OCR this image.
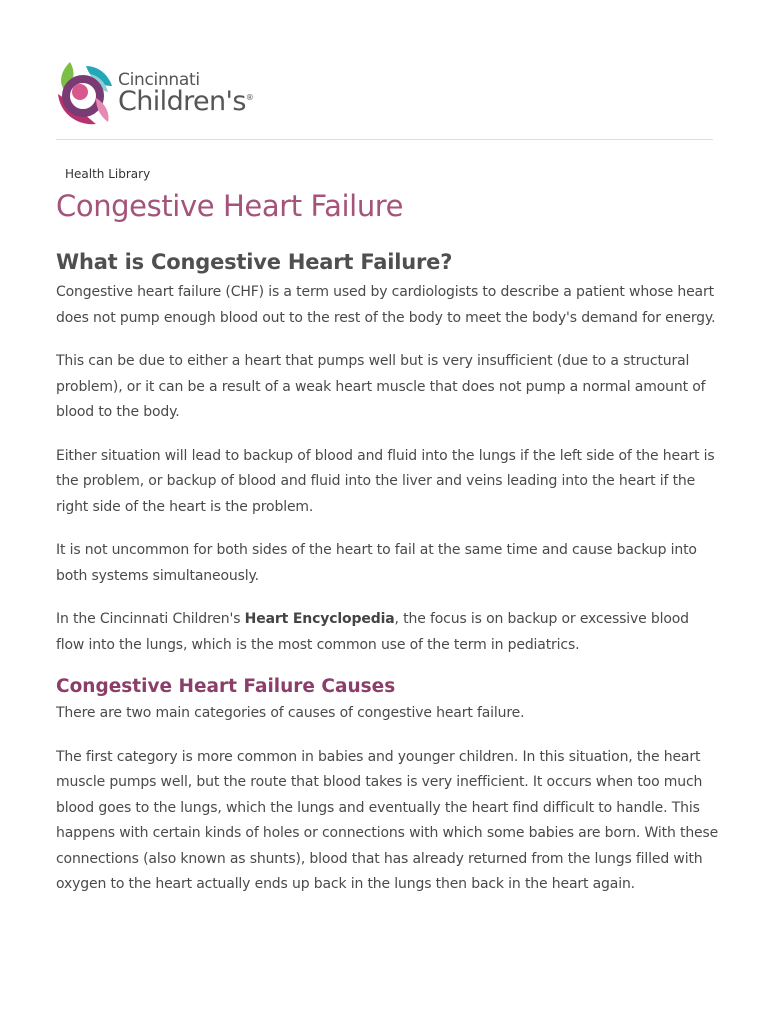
Cincinnati
Children's®
Health Library
Congestive Heart Failure
What is Congestive Heart Failure?

Congestive heart failure (CHF) is a term used by cardiologists to describe a patient whose heart does not pump enough blood out to the rest of the body to meet the body's demand for energy.

This can be due to either a heart that pumps well but is very insufficient (due to a structural problem), or it can be a result of a weak heart muscle that does not pump a normal amount of blood to the body.

Either situation will lead to backup of blood and fluid into the lungs if the left side of the heart is the problem, or backup of blood and fluid into the liver and veins leading into the heart if the right side of the heart is the problem.

It is not uncommon for both sides of the heart to fail at the same time and cause backup into both systems simultaneously.

In the Cincinnati Children's Heart Encyclopedia, the focus is on backup or excessive blood flow into the lungs, which is the most common use of the term in pediatrics.

Congestive Heart Failure Causes

There are two main categories of causes of congestive heart failure.

The first category is more common in babies and younger children. In this situation, the heart muscle pumps well, but the route that blood takes is very inefficient. It occurs when too much blood goes to the lungs, which the lungs and eventually the heart find difficult to handle. This happens with certain kinds of holes or connections with which some babies are born. With these connections (also known as shunts), blood that has already returned from the lungs filled with oxygen to the heart actually ends up back in the lungs then back in the heart again.
